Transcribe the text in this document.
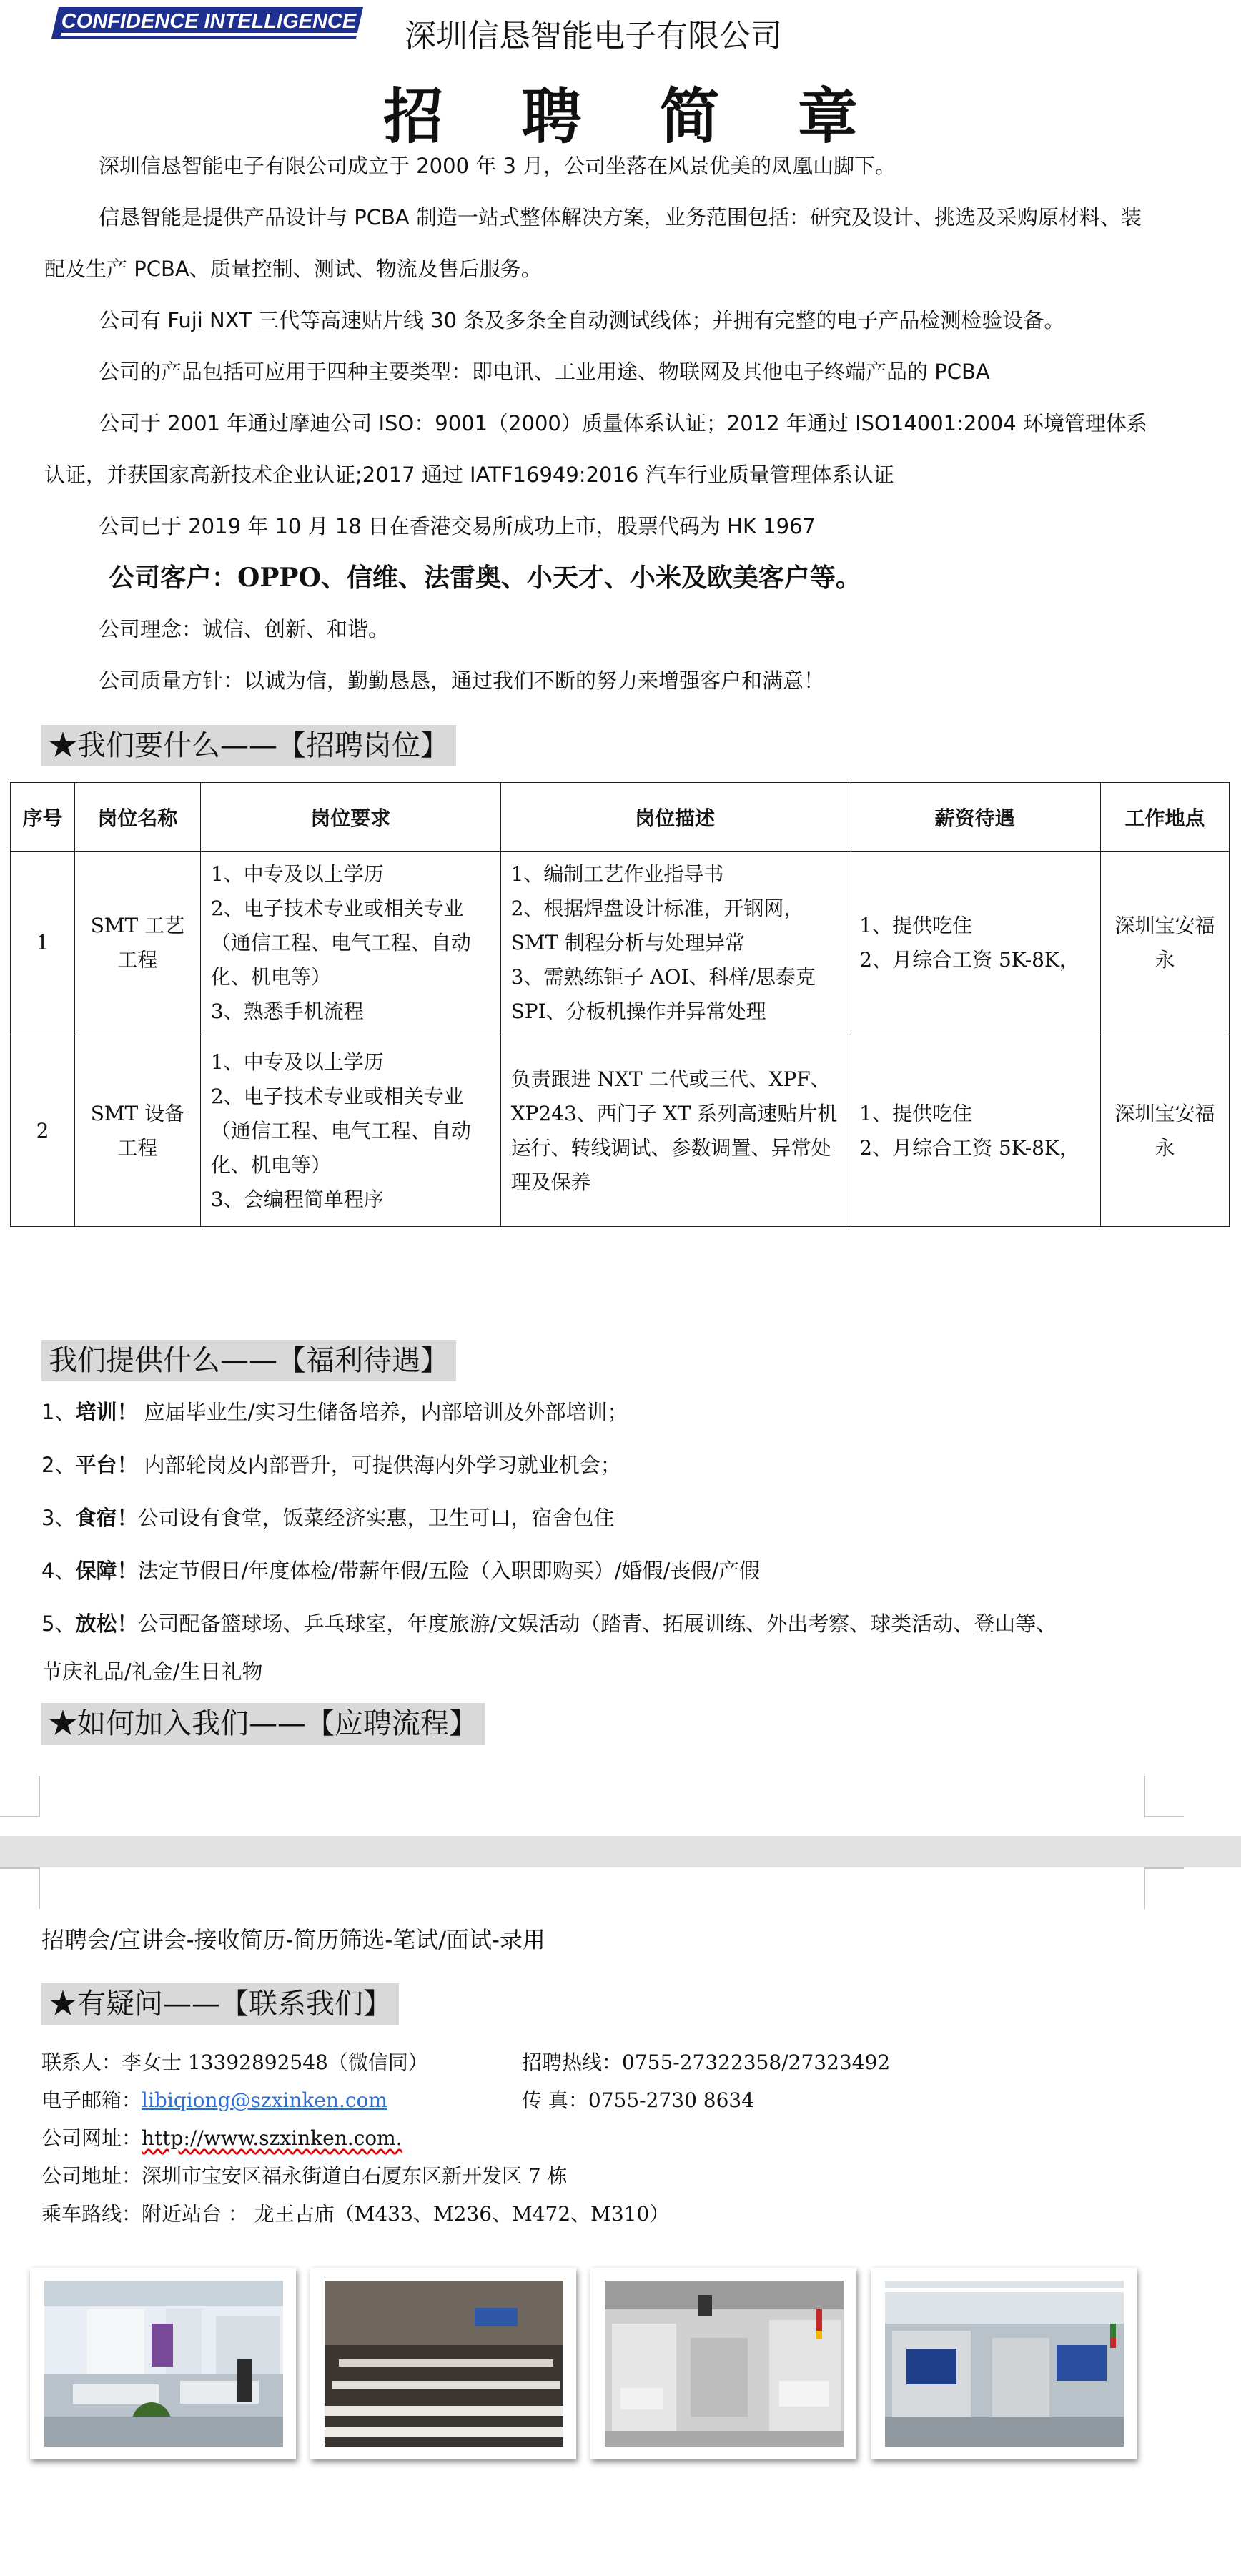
CONFIDENCE INTELLIGENCE 深圳信恳智能电子有限公司
招 聘 简 章

深圳信恳智能电子有限公司成立于 2000 年 3 月，公司坐落在风景优美的凤凰山脚下。

信恳智能是提供产品设计与 PCBA 制造一站式整体解决方案，业务范围包括：研究及设计、挑选及采购原材料、装配及生产 PCBA、质量控制、测试、物流及售后服务。

公司有 Fuji NXT 三代等高速贴片线 30 条及多条全自动测试线体；并拥有完整的电子产品检测检验设备。

公司的产品包括可应用于四种主要类型：即电讯、工业用途、物联网及其他电子终端产品的 PCBA

公司于 2001 年通过摩迪公司 ISO：9001（2000）质量体系认证；2012 年通过 ISO14001:2004 环境管理体系认证，并获国家高新技术企业认证;2017 通过 IATF16949:2016 汽车行业质量管理体系认证

公司已于 2019 年 10 月 18 日在香港交易所成功上市，股票代码为 HK 1967

公司客户：OPPO、信维、法雷奥、小天才、小米及欧美客户等。

公司理念：诚信、创新、和谐。

公司质量方针：以诚为信，勤勤恳恳，通过我们不断的努力来增强客户和满意！

★我们要什么——【招聘岗位】
序号	岗位名称	岗位要求	岗位描述	薪资待遇	工作地点
1	SMT 工艺工程	1、中专及以上学历
2、电子技术专业或相关专业
（通信工程、电气工程、自动化、机电等）
3、熟悉手机流程	1、编制工艺作业指导书
2、根据焊盘设计标准，开钢网，SMT 制程分析与处理异常
3、需熟练钜子 AOI、科样/思泰克 SPI、分板机操作并异常处理	1、提供吃住
2、月综合工资 5K-8K，	深圳宝安福永
2	SMT 设备工程	1、中专及以上学历
2、电子技术专业或相关专业
（通信工程、电气工程、自动化、机电等）
3、会编程简单程序	负责跟进 NXT 二代或三代、XPF、XP243、西门子 XT 系列高速贴片机运行、转线调试、参数调置、异常处理及保养	1、提供吃住
2、月综合工资 5K-8K，	深圳宝安福永
我们提供什么——【福利待遇】

1、培训！ 应届毕业生/实习生储备培养，内部培训及外部培训；

2、平台！ 内部轮岗及内部晋升，可提供海内外学习就业机会；

3、食宿！公司设有食堂，饭菜经济实惠，卫生可口，宿舍包住

4、保障！法定节假日/年度体检/带薪年假/五险（入职即购买）/婚假/丧假/产假

5、放松！公司配备篮球场、乒乓球室，年度旅游/文娱活动（踏青、拓展训练、外出考察、球类活动、登山等、

节庆礼品/礼金/生日礼物

★如何加入我们——【应聘流程】
招聘会/宣讲会-接收简历-简历筛选-笔试/面试-录用
★有疑问——【联系我们】
联系人：李女士 13392892548（微信同）	招聘热线：0755-27322358/27323492
电子邮箱：libiqiong@szxinken.com	传 真：0755-2730 8634
公司网址：http://www.szxinken.com.
公司地址：深圳市宝安区福永街道白石厦东区新开发区 7 栋
乘车路线：附近站台 ： 龙王古庙（M433、M236、M472、M310）
